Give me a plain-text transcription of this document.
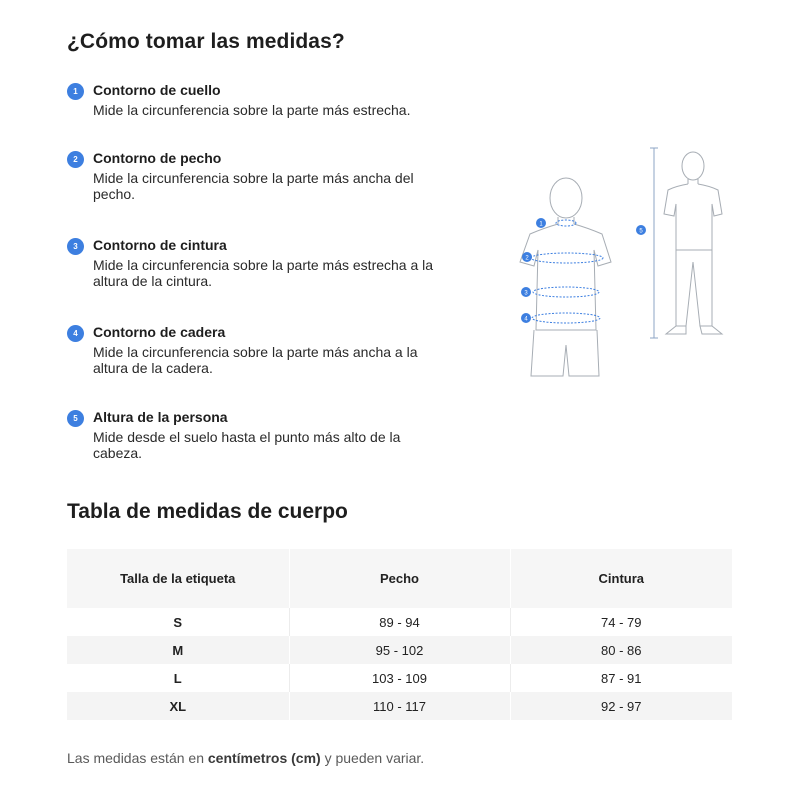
¿Cómo tomar las medidas?
1	Contorno de cuello
Mide la circunferencia sobre la parte más estrecha.
2	Contorno de pecho
Mide la circunferencia sobre la parte más ancha del pecho.
3	Contorno de cintura
Mide la circunferencia sobre la parte más estrecha a la altura de la cintura.
4	Contorno de cadera
Mide la circunferencia sobre la parte más ancha a la altura de la cadera.
5	Altura de la persona
Mide desde el suelo hasta el punto más alto de la cabeza.
1
2
3
4
5
Tabla de medidas de cuerpo
Talla de la etiqueta	Pecho	Cintura
S	89 - 94	74 - 79
M	95 - 102	80 - 86
L	103 - 109	87 - 91
XL	110 - 117	92 - 97
Las medidas están en centímetros (cm) y pueden variar.
